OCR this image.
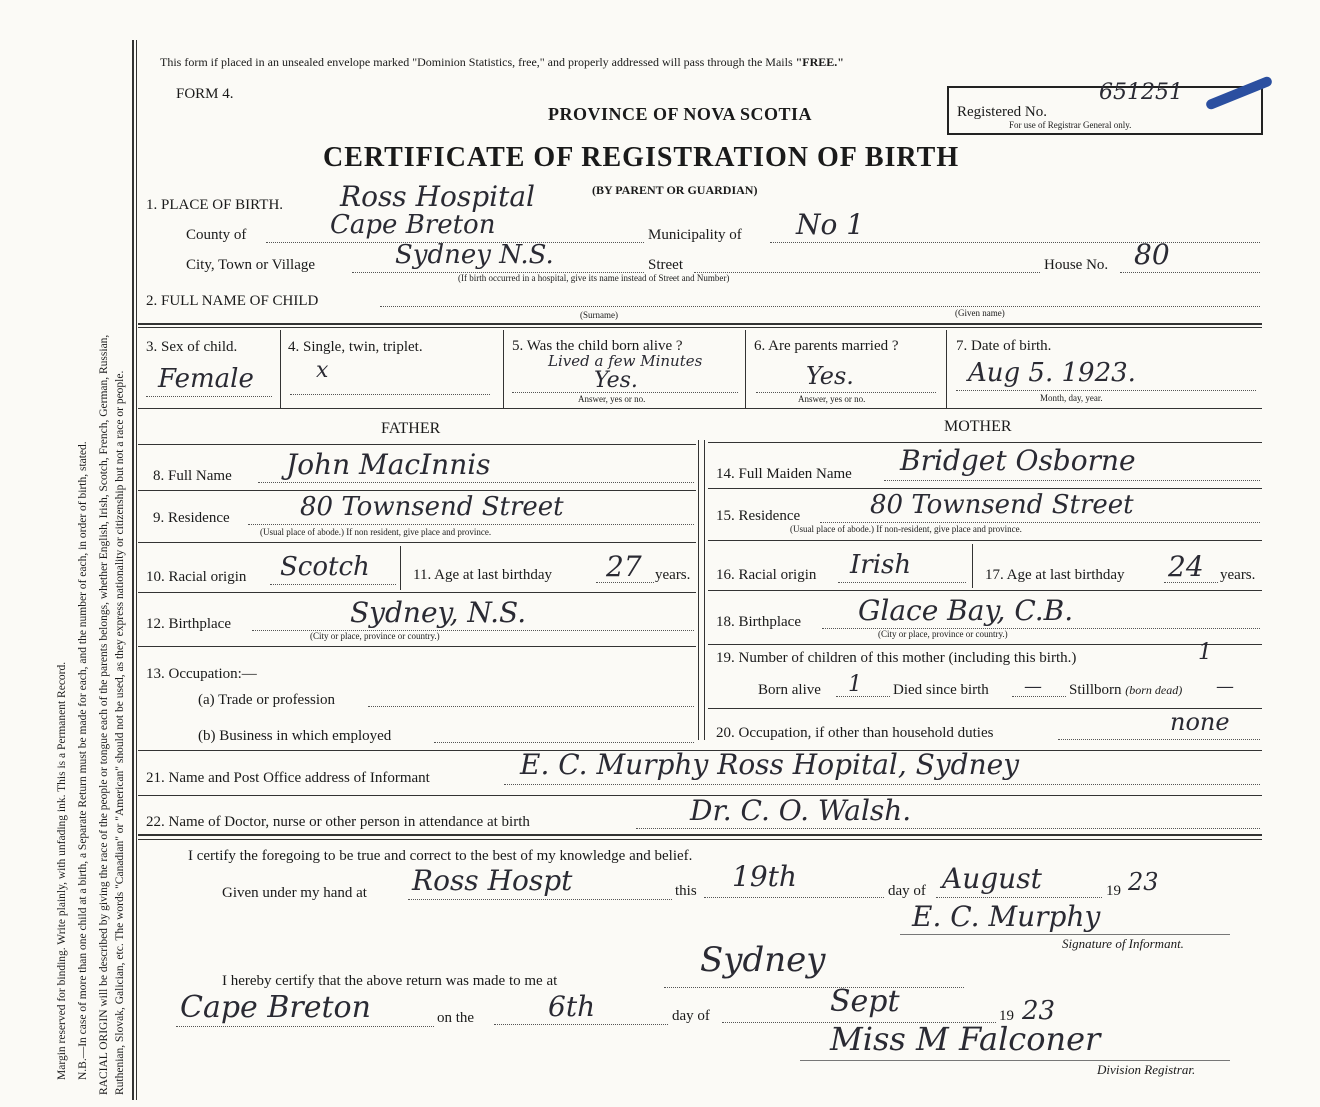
Margin reserved for binding. Write plainly, with unfading ink. This is a Permanent Record. N.B.—In case of more than one child at a birth, a Separate Return must be made for each, and the number of each, in order of birth, stated. RACIAL ORIGIN will be described by giving the race of the people or tongue each of the parents belongs, whether English, Irish, Scotch, French, German, Russian, Ruthenian, Slovak, Galician, etc. The words "Canadian" or "American" should not be used, as they express nationality or citizenship but not a race or people.
This form if placed in an unsealed envelope marked "Dominion Statistics, free," and properly addressed will pass through the Mails "FREE."
FORM 4.
PROVINCE OF NOVA SCOTIA
CERTIFICATE OF REGISTRATION OF BIRTH
Registered No.
651251
For use of Registrar General only.
1. PLACE OF BIRTH. Ross Hospital	(BY PARENT OR GUARDIAN)
County of	Cape Breton	Municipality of No 1
City, Town or Village	Sydney N.S.	Street
(If birth occurred in a hospital, give its name instead of Street and Number)
House No. 80
2. FULL NAME OF CHILD
(Surname)	(Given name)
3. Sex of child.
Female
4. Single, twin, triplet.
x
5. Was the child born alive ?
Lived a few Minutes
Yes.
Answer, yes or no.
6. Are parents married ?
Yes.
Answer, yes or no.
7. Date of birth.
Aug 5. 1923.
Month, day, year.
FATHER	MOTHER
8. Full Name John MacInnis
9. Residence	80 Townsend Street
(Usual place of abode.) If non resident, give place and province.
10. Racial origin Scotch	11. Age at last birthday 27 years.
12. Birthplace	Sydney, N.S.
(City or place, province or country.)
13. Occupation:—
(a) Trade or profession
(b) Business in which employed
14. Full Maiden Name Bridget Osborne
15. Residence	80 Townsend Street
(Usual place of abode.) If non-resident, give place and province.
16. Racial origin Irish	17. Age at last birthday 24 years.
18. Birthplace Glace Bay, C.B.
(City or place, province or country.)
19. Number of children of this mother (including this birth.)	1
Born alive 1 Died since birth — Stillborn (born dead) —
20. Occupation, if other than household duties	none
21. Name and Post Office address of Informant	E. C. Murphy Ross Hopital, Sydney
22. Name of Doctor, nurse or other person in attendance at birth	Dr. C. O. Walsh.
I certify the foregoing to be true and correct to the best of my knowledge and belief.
Given under my hand at Ross Hospt	this 19th	day of August	19 23
E. C. Murphy
Signature of Informant.
I hereby certify that the above return was made to me at
Sydney
Cape Breton	on the	6th	day of	Sept	19 23
Miss M Falconer
Division Registrar.
